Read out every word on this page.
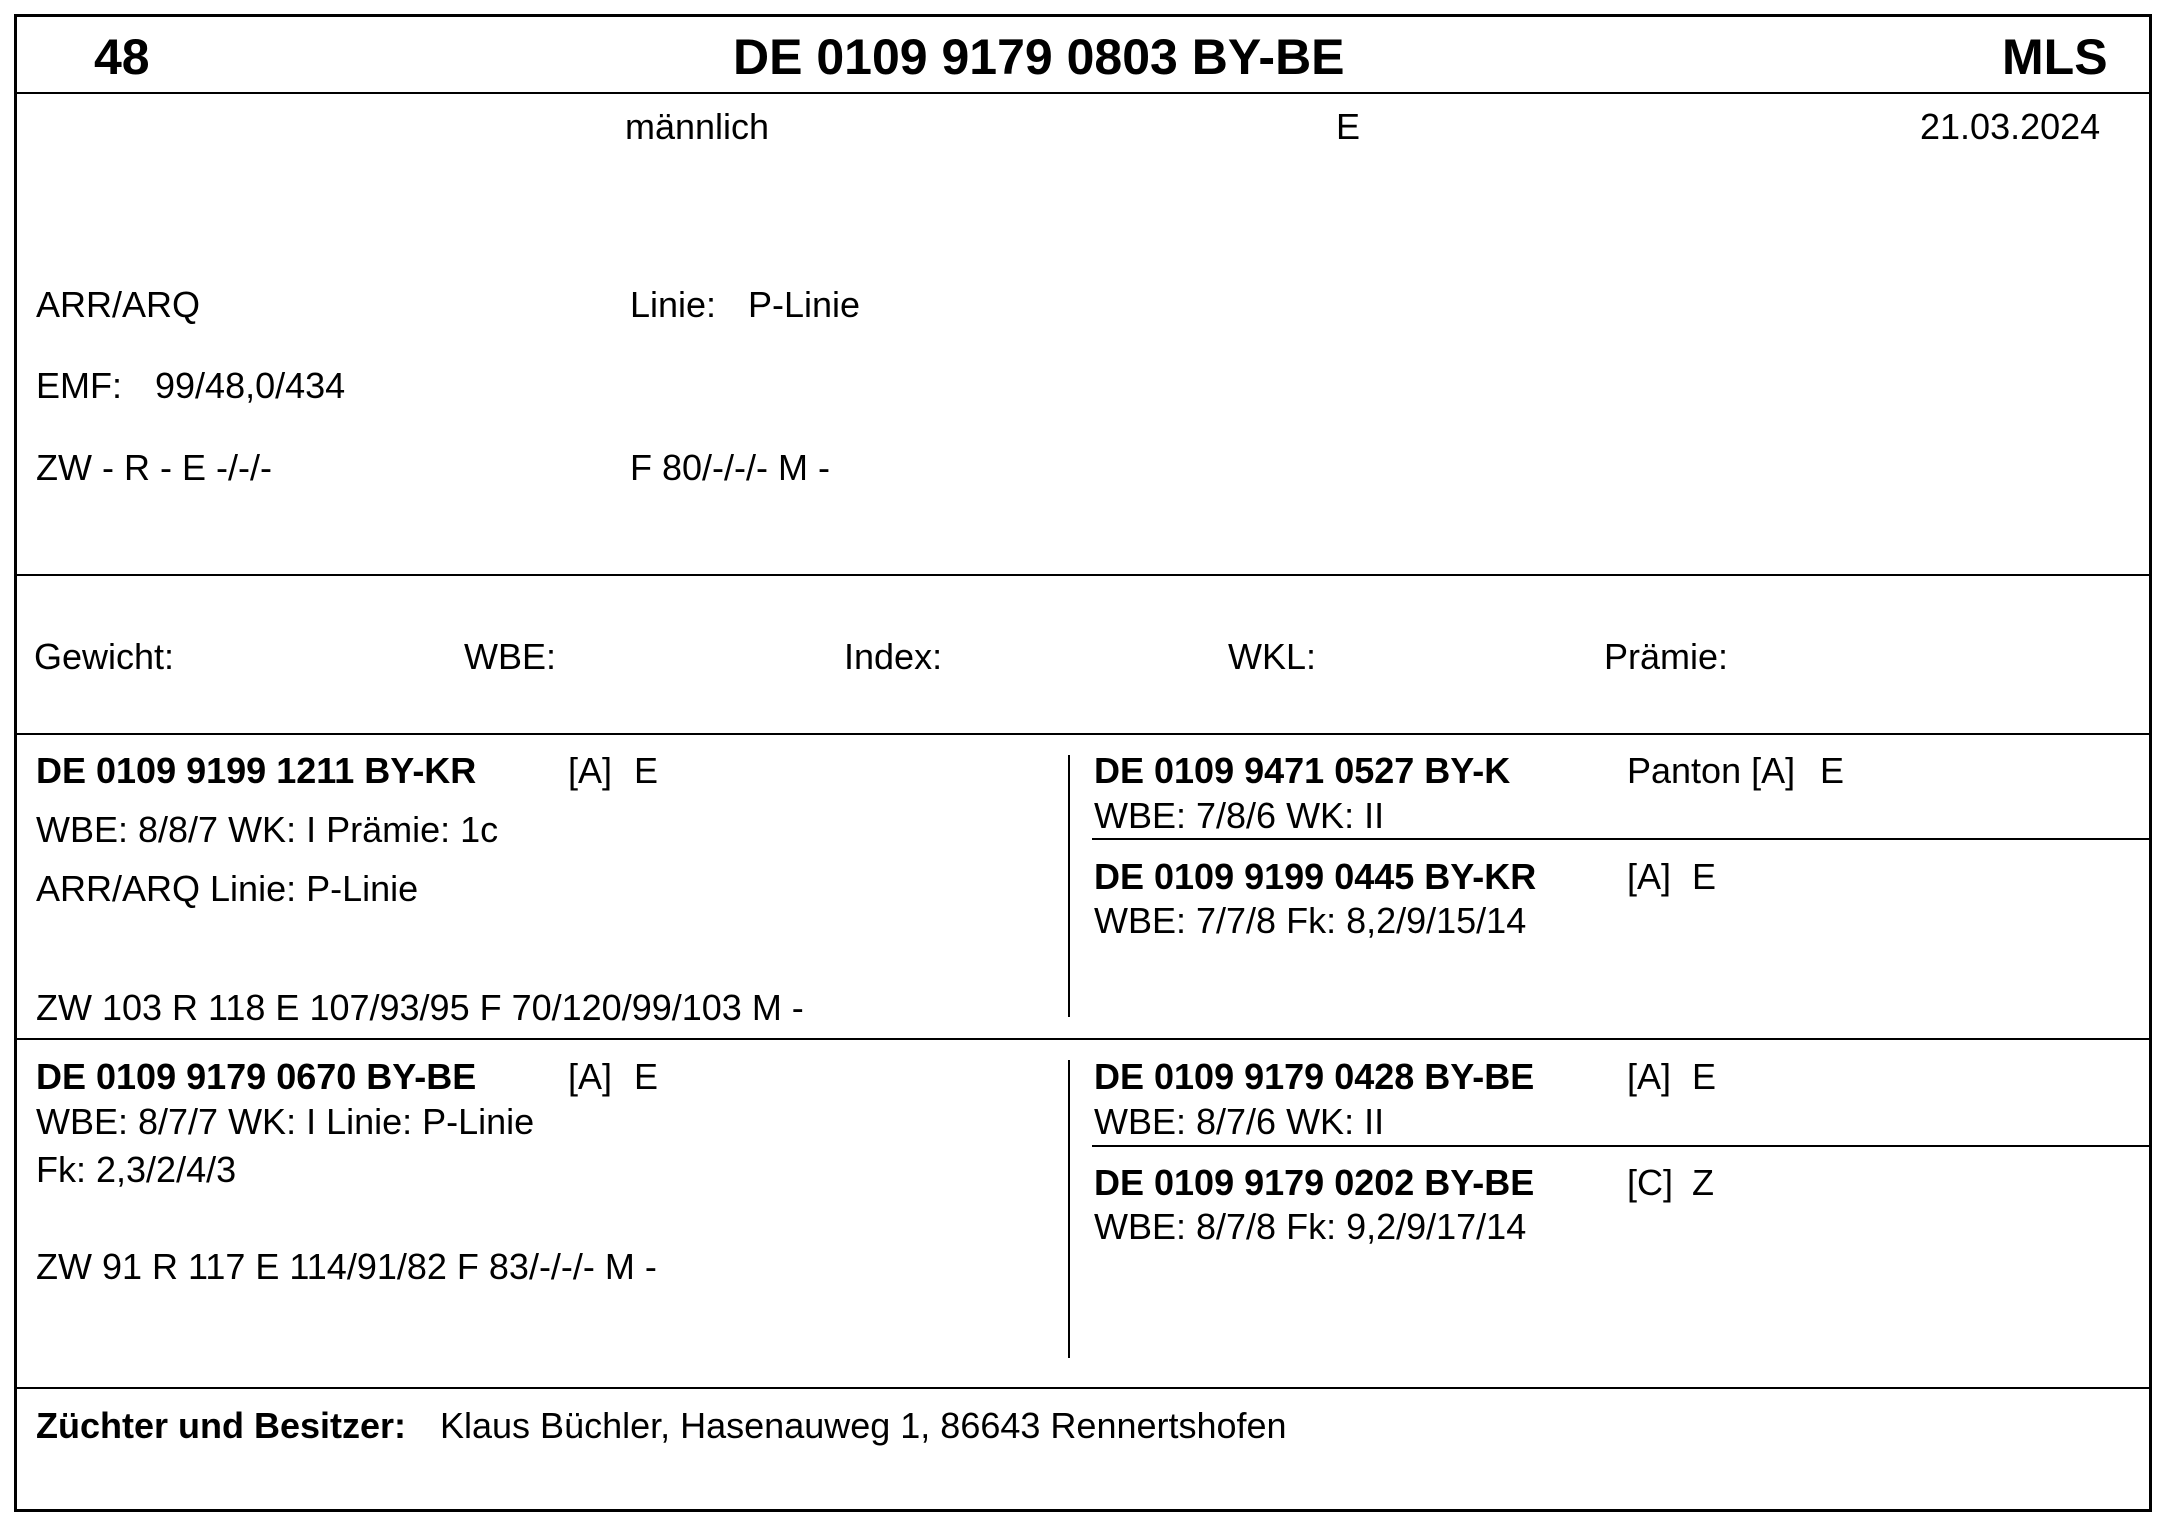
48	DE 0109 9179 0803 BY-BE	MLS
männlich	E	21.03.2024
ARR/ARQ	Linie: P-Linie
EMF: 99/48,0/434
ZW - R - E -/-/-	F 80/-/-/- M -
Gewicht:	WBE:	Index:	WKL:	Prämie:
DE 0109 9199 1211 BY-KR	[A] E
WBE: 8/8/7 WK: I Prämie: 1c
ARR/ARQ Linie: P-Linie
ZW 103 R 118 E 107/93/95 F 70/120/99/103 M -
DE 0109 9471 0527 BY-K	Panton [A] E
WBE: 7/8/6 WK: II
DE 0109 9199 0445 BY-KR	[A] E
WBE: 7/7/8 Fk: 8,2/9/15/14
DE 0109 9179 0670 BY-BE	[A] E
WBE: 8/7/7 WK: I Linie: P-Linie
Fk: 2,3/2/4/3
ZW 91 R 117 E 114/91/82 F 83/-/-/- M -
DE 0109 9179 0428 BY-BE	[A] E
WBE: 8/7/6 WK: II
DE 0109 9179 0202 BY-BE	[C] Z
WBE: 8/7/8 Fk: 9,2/9/17/14
Züchter und Besitzer: Klaus Büchler, Hasenauweg 1, 86643 Rennertshofen
